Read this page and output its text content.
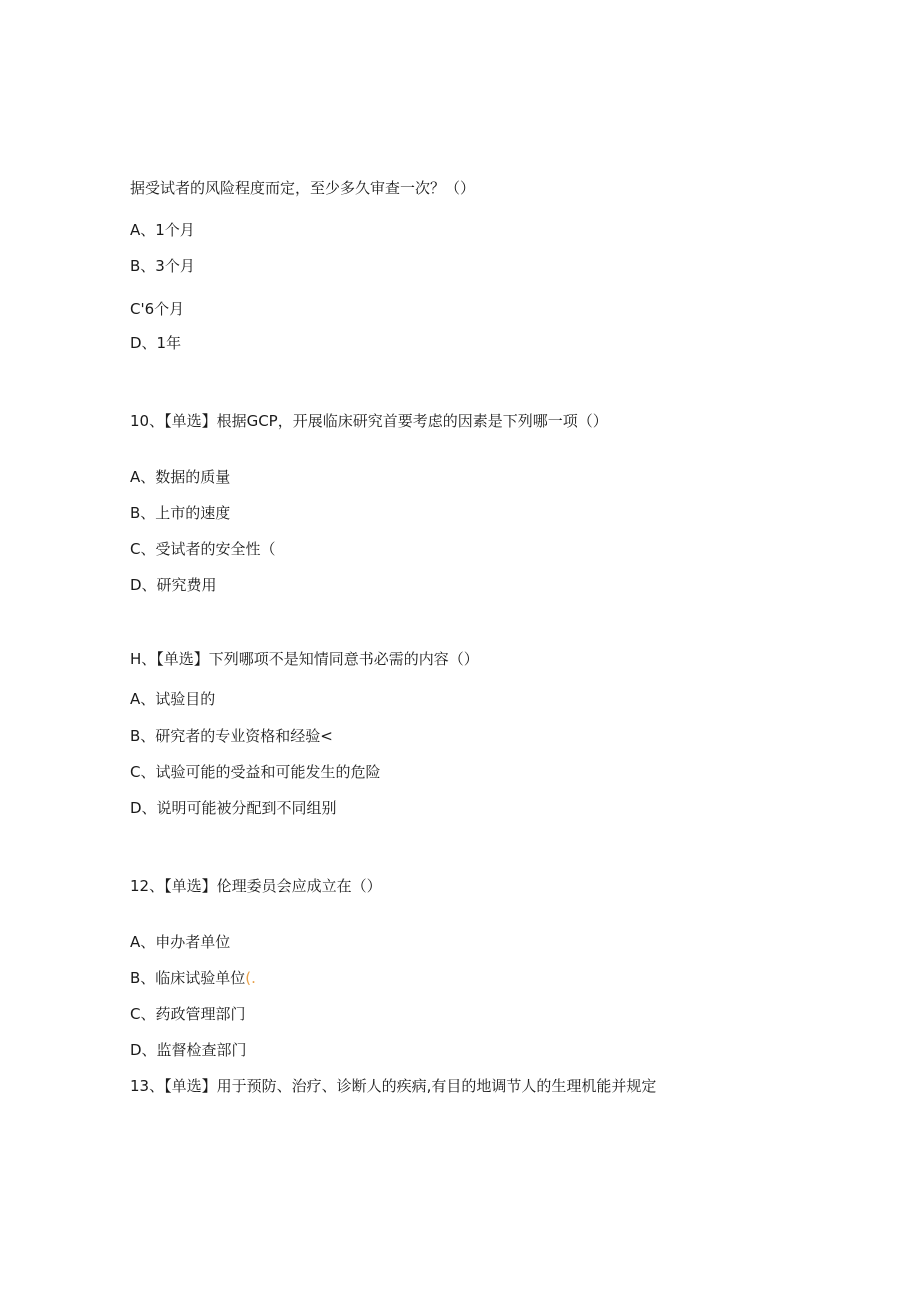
据受试者的风险程度而定，至少多久审查一次？（）
A、1个月
B、3个月
C'6个月
D、1年
10、【单选】根据GCP，开展临床研究首要考虑的因素是下列哪一项（）
A、数据的质量
B、上市的速度
C、受试者的安全性（
D、研究费用
H、【单选】下列哪项不是知情同意书必需的内容（）
A、试验目的
B、研究者的专业资格和经验<
C、试验可能的受益和可能发生的危险
D、说明可能被分配到不同组别
12、【单选】伦理委员会应成立在（）
A、申办者单位
B、临床试验单位(.
C、药政管理部门
D、监督检查部门
13、【单选】用于预防、治疗、诊断人的疾病,有目的地调节人的生理机能并规定
